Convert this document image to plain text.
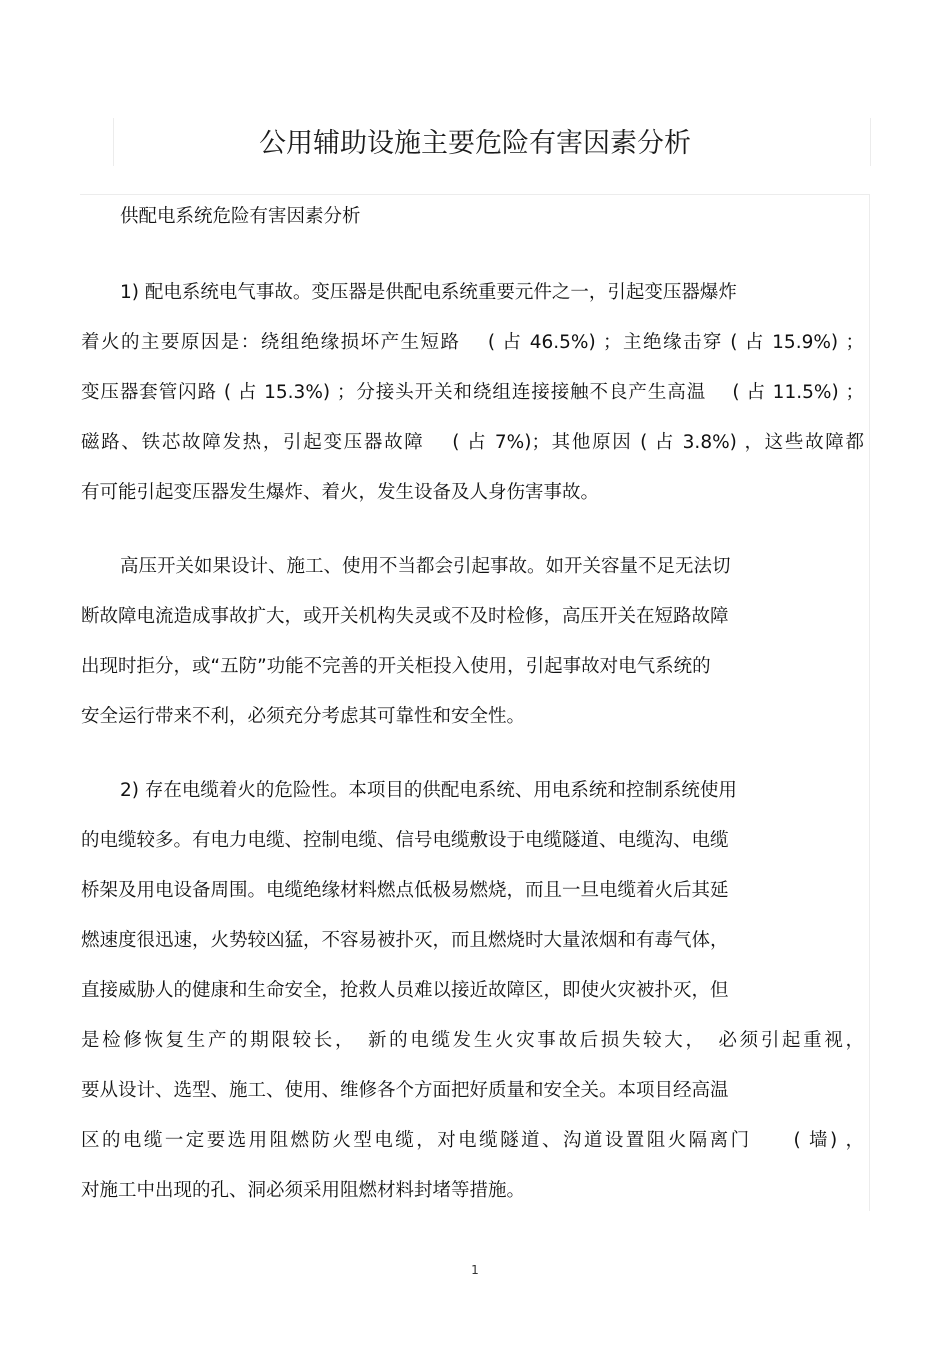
公用辅助设施主要危险有害因素分析

供配电系统危险有害因素分析

1) 配电系统电气事故。变压器是供配电系统重要元件之一，引起变压器爆炸

着火的主要原因是：绕组绝缘损坏产生短路　 ( 占 46.5%) ；主绝缘击穿 ( 占 15.9%) ；

变压器套管闪路 ( 占 15.3%) ；分接头开关和绕组连接接触不良产生高温　 ( 占 11.5%) ；

磁路、铁芯故障发热，引起变压器故障　 ( 占 7%)；其他原因 ( 占 3.8%) ，这些故障都

有可能引起变压器发生爆炸、着火，发生设备及人身伤害事故。

高压开关如果设计、施工、使用不当都会引起事故。如开关容量不足无法切

断故障电流造成事故扩大，或开关机构失灵或不及时检修，高压开关在短路故障

出现时拒分，或“五防”功能不完善的开关柜投入使用，引起事故对电气系统的

安全运行带来不利，必须充分考虑其可靠性和安全性。

2) 存在电缆着火的危险性。本项目的供配电系统、用电系统和控制系统使用

的电缆较多。有电力电缆、控制电缆、信号电缆敷设于电缆隧道、电缆沟、电缆

桥架及用电设备周围。电缆绝缘材料燃点低极易燃烧，而且一旦电缆着火后其延

燃速度很迅速，火势较凶猛，不容易被扑灭，而且燃烧时大量浓烟和有毒气体，

直接威胁人的健康和生命安全，抢救人员难以接近故障区，即使火灾被扑灭，但

是检修恢复生产的期限较长，　新的电缆发生火灾事故后损失较大，　必须引起重视，

要从设计、选型、施工、使用、维修各个方面把好质量和安全关。本项目经高温

区的电缆一定要选用阻燃防火型电缆，对电缆隧道、沟道设置阻火隔离门　　( 墙) ，

对施工中出现的孔、洞必须采用阻燃材料封堵等措施。

1
